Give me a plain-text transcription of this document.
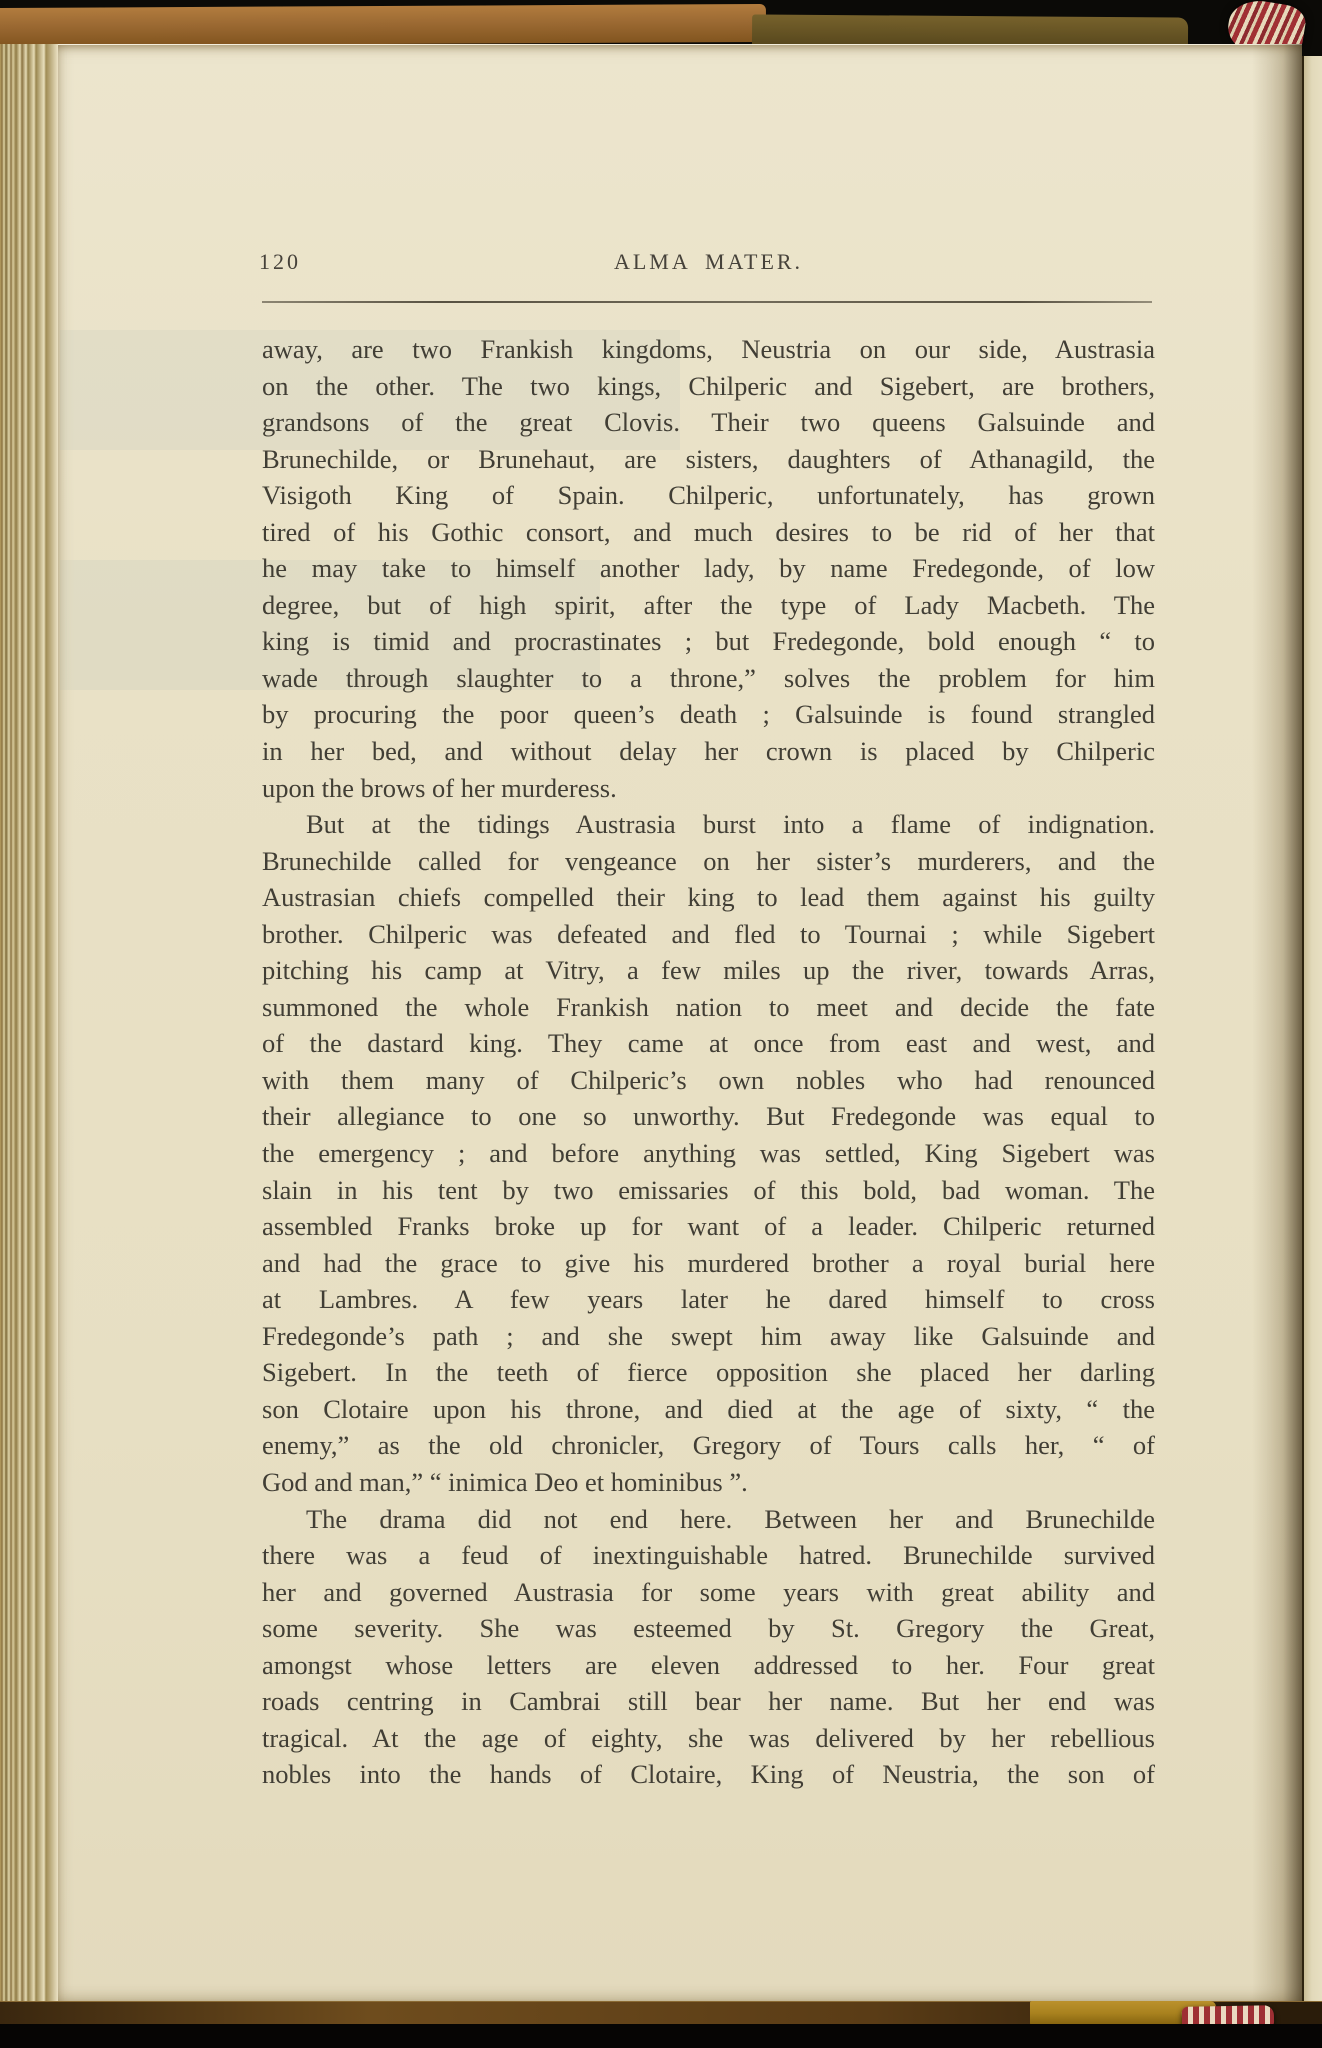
120	ALMA MATER.
away, are two Frankish kingdoms, Neustria on our side, Austrasia
on the other. The two kings, Chilperic and Sigebert, are brothers,
grandsons of the great Clovis. Their two queens Galsuinde and
Brunechilde, or Brunehaut, are sisters, daughters of Athanagild, the
Visigoth King of Spain. Chilperic, unfortunately, has grown
tired of his Gothic consort, and much desires to be rid of her that
he may take to himself another lady, by name Fredegonde, of low
degree, but of high spirit, after the type of Lady Macbeth. The
king is timid and procrastinates ; but Fredegonde, bold enough “ to
wade through slaughter to a throne,” solves the problem for him
by procuring the poor queen’s death ; Galsuinde is found strangled
in her bed, and without delay her crown is placed by Chilperic
upon the brows of her murderess.
But at the tidings Austrasia burst into a flame of indignation.
Brunechilde called for vengeance on her sister’s murderers, and the
Austrasian chiefs compelled their king to lead them against his guilty
brother. Chilperic was defeated and fled to Tournai ; while Sigebert
pitching his camp at Vitry, a few miles up the river, towards Arras,
summoned the whole Frankish nation to meet and decide the fate
of the dastard king. They came at once from east and west, and
with them many of Chilperic’s own nobles who had renounced
their allegiance to one so unworthy. But Fredegonde was equal to
the emergency ; and before anything was settled, King Sigebert was
slain in his tent by two emissaries of this bold, bad woman. The
assembled Franks broke up for want of a leader. Chilperic returned
and had the grace to give his murdered brother a royal burial here
at Lambres. A few years later he dared himself to cross
Fredegonde’s path ; and she swept him away like Galsuinde and
Sigebert. In the teeth of fierce opposition she placed her darling
son Clotaire upon his throne, and died at the age of sixty, “ the
enemy,” as the old chronicler, Gregory of Tours calls her, “ of
God and man,” “ inimica Deo et hominibus ”.
The drama did not end here. Between her and Brunechilde
there was a feud of inextinguishable hatred. Brunechilde survived
her and governed Austrasia for some years with great ability and
some severity. She was esteemed by St. Gregory the Great,
amongst whose letters are eleven addressed to her. Four great
roads centring in Cambrai still bear her name. But her end was
tragical. At the age of eighty, she was delivered by her rebellious
nobles into the hands of Clotaire, King of Neustria, the son of
